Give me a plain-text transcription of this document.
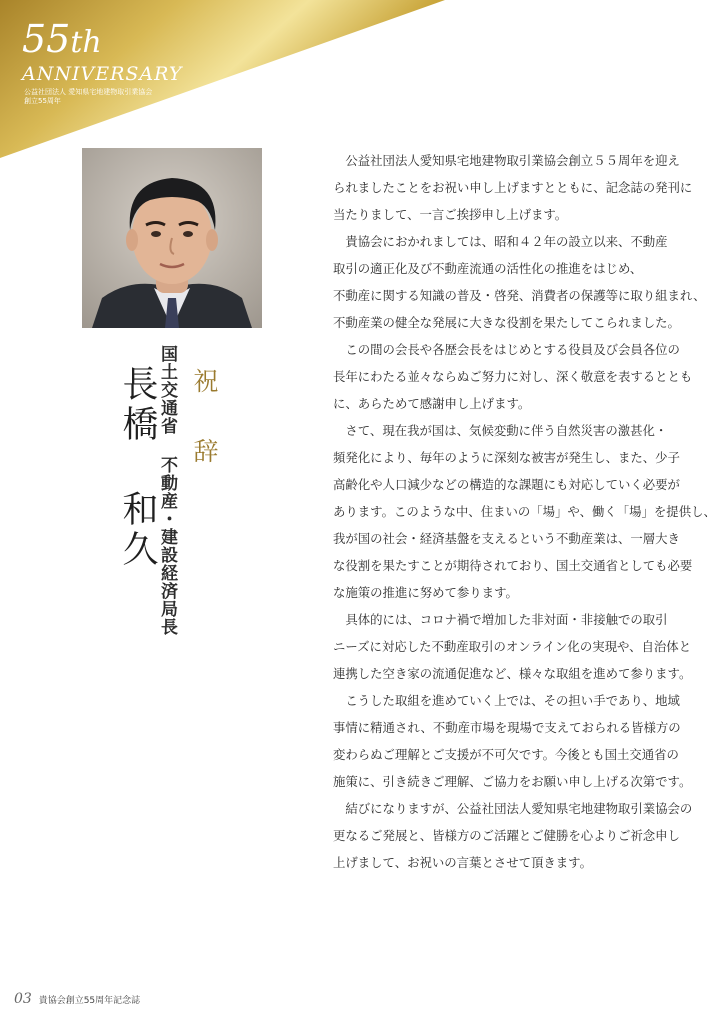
55th
ANNIVERSARY
公益社団法人 愛知県宅地建物取引業協会
創立55周年
祝 辞
国土交通省 不動産・建設経済局長
長橋 和久
　公益社団法人愛知県宅地建物取引業協会創立５５周年を迎え
られましたことをお祝い申し上げますとともに、記念誌の発刊に
当たりまして、一言ご挨拶申し上げます。
　貴協会におかれましては、昭和４２年の設立以来、不動産
取引の適正化及び不動産流通の活性化の推進をはじめ、
不動産に関する知識の普及・啓発、消費者の保護等に取り組まれ、
不動産業の健全な発展に大きな役割を果たしてこられました。
　この間の会長や各歴会長をはじめとする役員及び会員各位の
長年にわたる並々ならぬご努力に対し、深く敬意を表するととも
に、あらためて感謝申し上げます。
　さて、現在我が国は、気候変動に伴う自然災害の激甚化・
頻発化により、毎年のように深刻な被害が発生し、また、少子
高齢化や人口減少などの構造的な課題にも対応していく必要が
あります。このような中、住まいの「場」や、働く「場」を提供し、
我が国の社会・経済基盤を支えるという不動産業は、一層大き
な役割を果たすことが期待されており、国土交通省としても必要
な施策の推進に努めて参ります。
　具体的には、コロナ禍で増加した非対面・非接触での取引
ニーズに対応した不動産取引のオンライン化の実現や、自治体と
連携した空き家の流通促進など、様々な取組を進めて参ります。
　こうした取組を進めていく上では、その担い手であり、地域
事情に精通され、不動産市場を現場で支えておられる皆様方の
変わらぬご理解とご支援が不可欠です。今後とも国土交通省の
施策に、引き続きご理解、ご協力をお願い申し上げる次第です。
　結びになりますが、公益社団法人愛知県宅地建物取引業協会の
更なるご発展と、皆様方のご活躍とご健勝を心よりご祈念申し
上げまして、お祝いの言葉とさせて頂きます。
03 貴協会創立55周年記念誌
